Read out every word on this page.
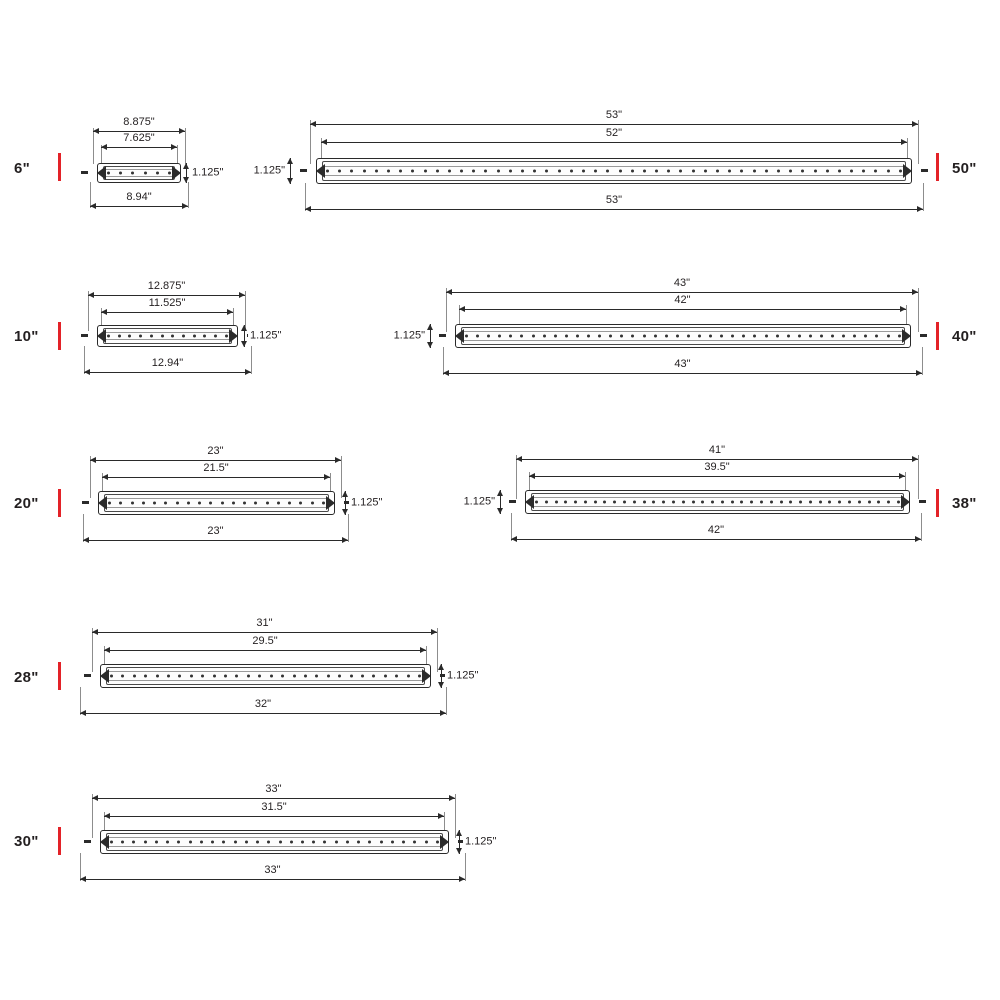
6"
8.875"
7.625"
1.125"
8.94"
50"
53"
52"
1.125"
53"
10"
12.875"
11.525"
1.125"
12.94"
40"
43"
42"
1.125"
43"
20"
23"
21.5"
1.125"
23"
38"
41"
39.5"
1.125"
42"
28"
31"
29.5"
1.125"
32"
30"
33"
31.5"
1.125"
33"
